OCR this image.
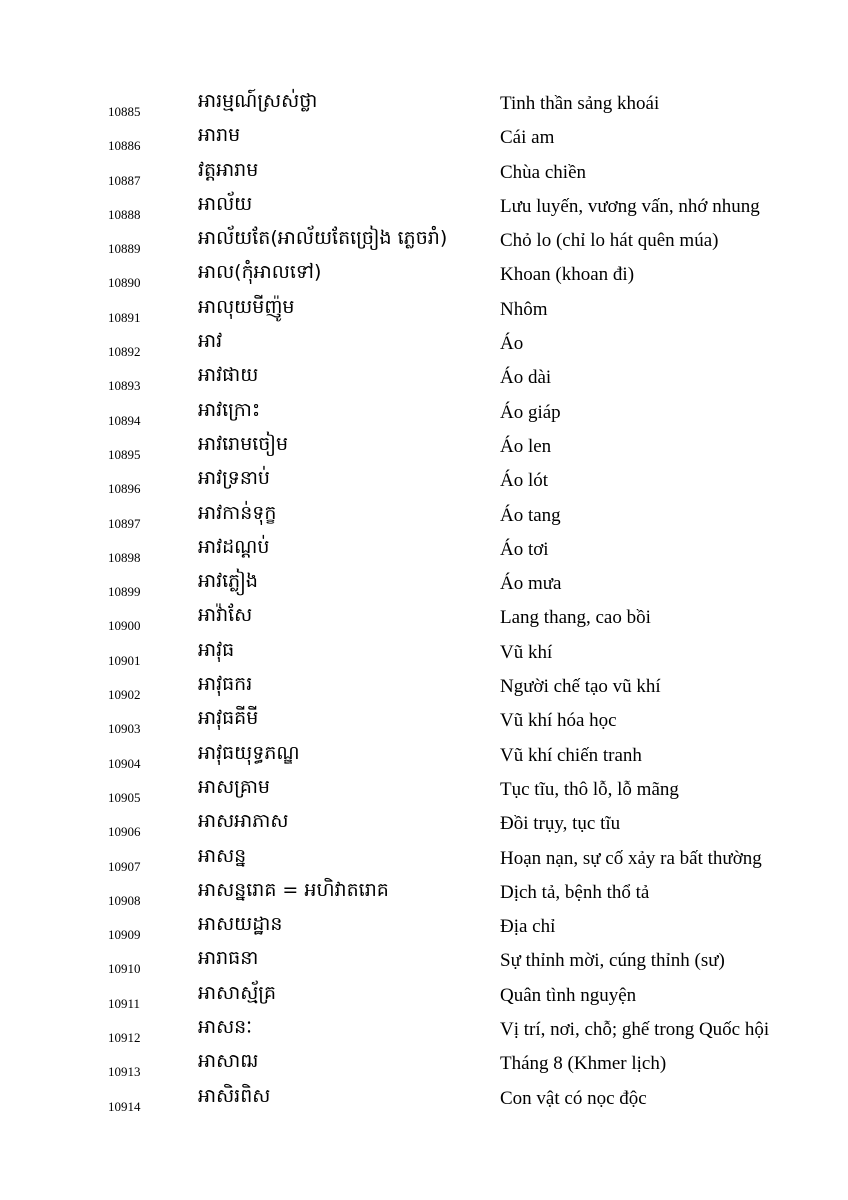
10885	អារម្មណ៍ស្រស់ថ្លា	Tinh thần sảng khoái
10886	អារាម	Cái am
10887	វត្តអារាម	Chùa chiền
10888	អាល័យ	Lưu luyến, vương vấn, nhớ nhung
10889	អាល័យតែ(អាល័យតែច្រៀង ភ្លេចរាំ)	Chỏ lo (chỉ lo hát quên múa)
10890	អាល(កុំអាលទៅ)	Khoan (khoan đi)
10891	អាលុយមីញ៉ូម	Nhôm
10892	អាវ	Áo
10893	អាវផាយ	Áo dài
10894	អាវក្រោះ	Áo giáp
10895	អាវរោមចៀម	Áo len
10896	អាវទ្រនាប់	Áo lót
10897	អាវកាន់ទុក្ខ	Áo tang
10898	អាវដណ្តប់	Áo tơi
10899	អាវភ្លៀង	Áo mưa
10900	អាវ៉ាសែ	Lang thang, cao bồi
10901	អាវុធ	Vũ khí
10902	អាវុធករ	Người chế tạo vũ khí
10903	អាវុធគីមី	Vũ khí hóa học
10904	អាវុធយុទ្ធភណ្ឌ	Vũ khí chiến tranh
10905	អាសគ្រាម	Tục tĩu, thô lỗ, lỗ mãng
10906	អាសអាភាស	Đồi trụy, tục tĩu
10907	អាសន្ន	Hoạn nạn, sự cố xảy ra bất thường
10908	អាសន្នរោគ = អហិវាតរោគ	Dịch tả, bệnh thổ tả
10909	អាសយដ្ឋាន	Địa chỉ
10910	អារាធនា	Sự thỉnh mời, cúng thỉnh (sư)
10911	អាសាស្ម័គ្រ	Quân tình nguyện
10912	អាសនៈ	Vị trí, nơi, chỗ; ghế trong Quốc hội
10913	អាសាឍ	Tháng 8 (Khmer lịch)
10914	អាសិរពិស	Con vật có nọc độc
